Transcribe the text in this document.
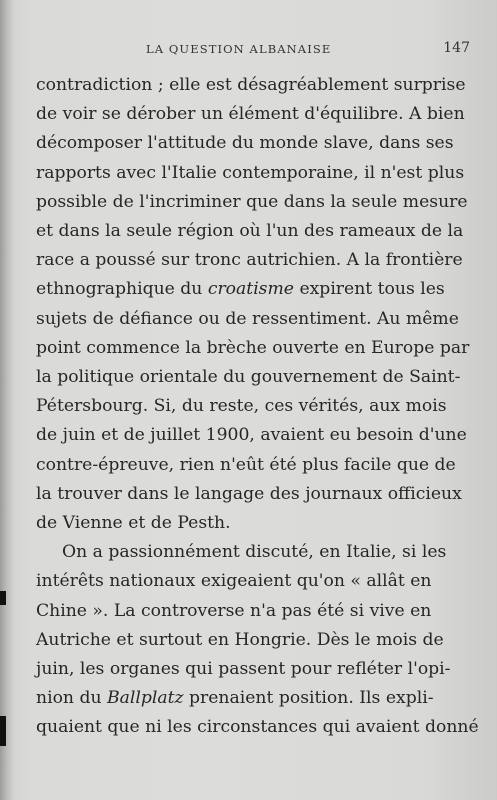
LA QUESTION ALBANAISE	147
contradiction ; elle est désagréablement surprise
de voir se dérober un élément d'équilibre. A bien
décomposer l'attitude du monde slave, dans ses
rapports avec l'Italie contemporaine, il n'est plus
possible de l'incriminer que dans la seule mesure
et dans la seule région où l'un des rameaux de la
race a poussé sur tronc autrichien. A la frontière
ethnographique du croatisme expirent tous les
sujets de défiance ou de ressentiment. Au même
point commence la brèche ouverte en Europe par
la politique orientale du gouvernement de Saint-
Pétersbourg. Si, du reste, ces vérités, aux mois
de juin et de juillet 1900, avaient eu besoin d'une
contre-épreuve, rien n'eût été plus facile que de
la trouver dans le langage des journaux officieux
de Vienne et de Pesth.
On a passionnément discuté, en Italie, si les
intérêts nationaux exigeaient qu'on « allât en
Chine ». La controverse n'a pas été si vive en
Autriche et surtout en Hongrie. Dès le mois de
juin, les organes qui passent pour refléter l'opi-
nion du Ballplatz prenaient position. Ils expli-
quaient que ni les circonstances qui avaient donné
